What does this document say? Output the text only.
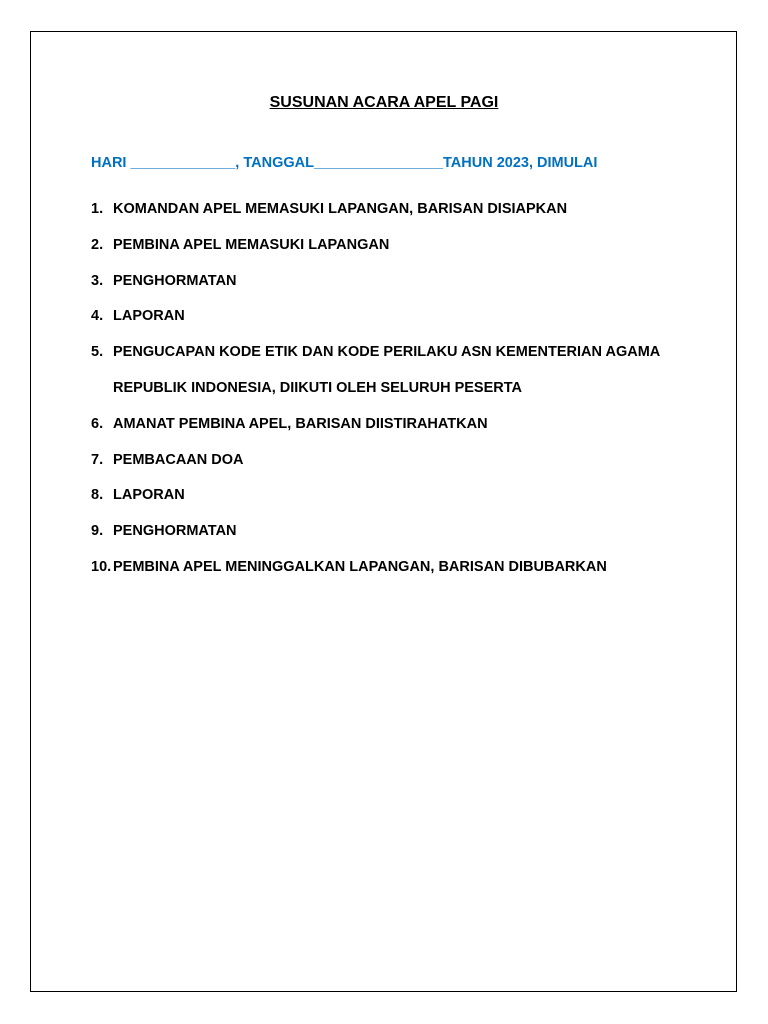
SUSUNAN ACARA APEL PAGI
HARI _____________, TANGGAL________________TAHUN 2023, DIMULAI
1. KOMANDAN APEL MEMASUKI LAPANGAN, BARISAN DISIAPKAN
2. PEMBINA APEL MEMASUKI LAPANGAN
3. PENGHORMATAN
4. LAPORAN
5. PENGUCAPAN KODE ETIK DAN KODE PERILAKU ASN KEMENTERIAN AGAMA
REPUBLIK INDONESIA, DIIKUTI OLEH SELURUH PESERTA
6. AMANAT PEMBINA APEL, BARISAN DIISTIRAHATKAN
7. PEMBACAAN DOA
8. LAPORAN
9. PENGHORMATAN
10. PEMBINA APEL MENINGGALKAN LAPANGAN, BARISAN DIBUBARKAN
